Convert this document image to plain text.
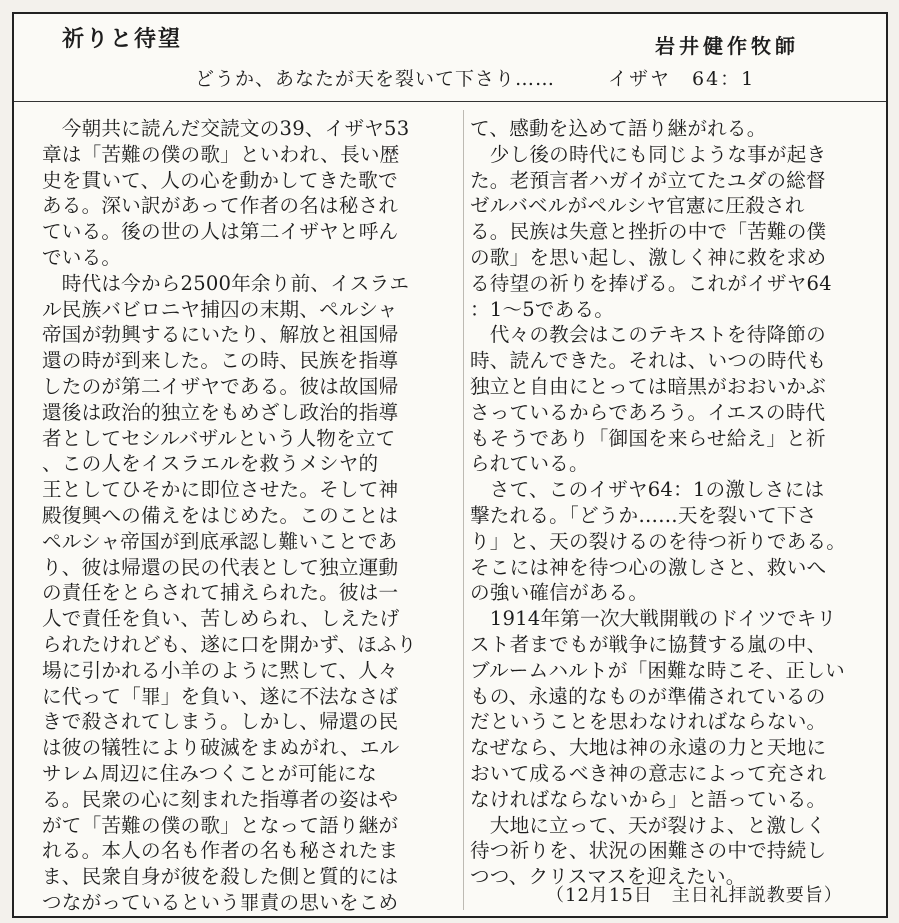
祈りと待望	岩井健作牧師
どうか、あなたが天を裂いて下さり……	イザヤ　64：1
　今朝共に読んだ交読文の39、イザヤ53
章は「苦難の僕の歌」といわれ、長い歴
史を貫いて、人の心を動かしてきた歌で
ある。深い訳があって作者の名は秘され
ている。後の世の人は第二イザヤと呼ん
でいる。
　時代は今から2500年余り前、イスラエ
ル民族バビロニヤ捕囚の末期、ペルシャ
帝国が勃興するにいたり、解放と祖国帰
還の時が到来した。この時、民族を指導
したのが第二イザヤである。彼は故国帰
還後は政治的独立をもめざし政治的指導
者としてセシルバザルという人物を立て
、この人をイスラエルを救うメシヤ的
王としてひそかに即位させた。そして神
殿復興への備えをはじめた。このことは
ペルシャ帝国が到底承認し難いことであ
り、彼は帰還の民の代表として独立運動
の責任をとらされて捕えられた。彼は一
人で責任を負い、苦しめられ、しえたげ
られたけれども、遂に口を開かず、ほふり
場に引かれる小羊のように黙して、人々
に代って「罪」を負い、遂に不法なさば
きで殺されてしまう。しかし、帰還の民
は彼の犠牲により破滅をまぬがれ、エル
サレム周辺に住みつくことが可能にな
る。民衆の心に刻まれた指導者の姿はや
がて「苦難の僕の歌」となって語り継が
れる。本人の名も作者の名も秘されたま
ま、民衆自身が彼を殺した側と質的には
つながっているという罪責の思いをこめ
て、感動を込めて語り継がれる。
　少し後の時代にも同じような事が起き
た。老預言者ハガイが立てたユダの総督
ゼルバベルがペルシヤ官憲に圧殺され
る。民族は失意と挫折の中で「苦難の僕
の歌」を思い起し、激しく神に救を求め
る待望の祈りを捧げる。これがイザヤ64
：1～5である。
　代々の教会はこのテキストを待降節の
時、読んできた。それは、いつの時代も
独立と自由にとっては暗黒がおおいかぶ
さっているからであろう。イエスの時代
もそうであり「御国を来らせ給え」と祈
られている。
　さて、このイザヤ64：1の激しさには
撃たれる。「どうか……天を裂いて下さ
り」と、天の裂けるのを待つ祈りである。
そこには神を待つ心の激しさと、救いへ
の強い確信がある。
　1914年第一次大戦開戦のドイツでキリ
スト者までもが戦争に協賛する嵐の中、
ブルームハルトが「困難な時こそ、正しい
もの、永遠的なものが準備されているの
だということを思わなければならない。
なぜなら、大地は神の永遠の力と天地に
おいて成るべき神の意志によって充され
なければならないから」と語っている。
　大地に立って、天が裂けよ、と激しく
待つ祈りを、状況の困難さの中で持続し
つつ、クリスマスを迎えたい。
（12月15日　主日礼拝説教要旨）
